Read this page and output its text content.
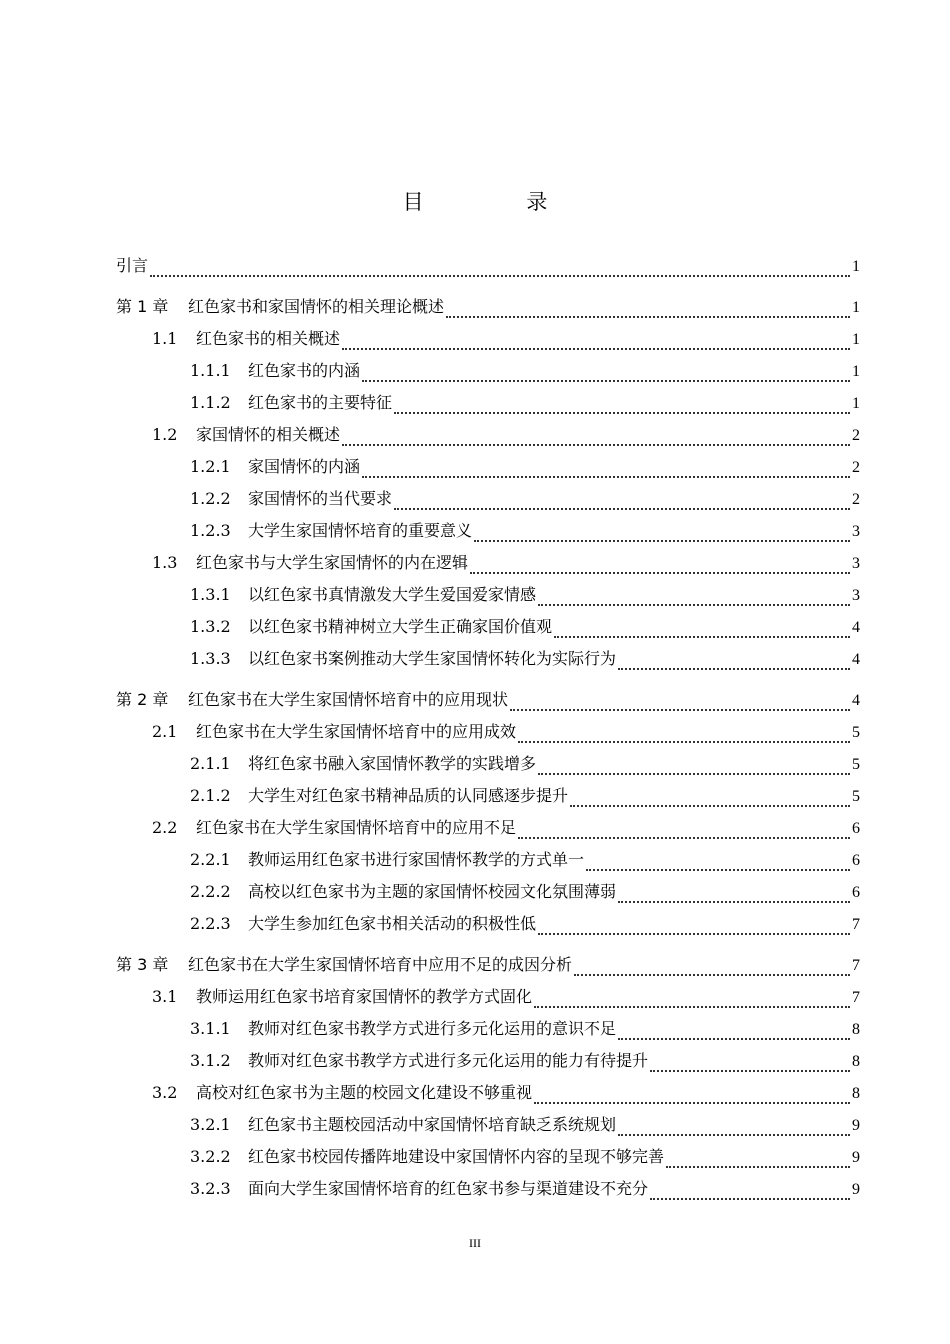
目 录
引言	1
第 1 章	红色家书和家国情怀的相关理论概述	1
1.1	红色家书的相关概述	1
1.1.1	红色家书的内涵	1
1.1.2	红色家书的主要特征	1
1.2	家国情怀的相关概述	2
1.2.1	家国情怀的内涵	2
1.2.2	家国情怀的当代要求	2
1.2.3	大学生家国情怀培育的重要意义	3
1.3	红色家书与大学生家国情怀的内在逻辑	3
1.3.1	以红色家书真情激发大学生爱国爱家情感	3
1.3.2	以红色家书精神树立大学生正确家国价值观	4
1.3.3	以红色家书案例推动大学生家国情怀转化为实际行为	4
第 2 章	红色家书在大学生家国情怀培育中的应用现状	4
2.1	红色家书在大学生家国情怀培育中的应用成效	5
2.1.1	将红色家书融入家国情怀教学的实践增多	5
2.1.2	大学生对红色家书精神品质的认同感逐步提升	5
2.2	红色家书在大学生家国情怀培育中的应用不足	6
2.2.1	教师运用红色家书进行家国情怀教学的方式单一	6
2.2.2	高校以红色家书为主题的家国情怀校园文化氛围薄弱	6
2.2.3	大学生参加红色家书相关活动的积极性低	7
第 3 章	红色家书在大学生家国情怀培育中应用不足的成因分析	7
3.1	教师运用红色家书培育家国情怀的教学方式固化	7
3.1.1	教师对红色家书教学方式进行多元化运用的意识不足	8
3.1.2	教师对红色家书教学方式进行多元化运用的能力有待提升	8
3.2	高校对红色家书为主题的校园文化建设不够重视	8
3.2.1	红色家书主题校园活动中家国情怀培育缺乏系统规划	9
3.2.2	红色家书校园传播阵地建设中家国情怀内容的呈现不够完善	9
3.2.3	面向大学生家国情怀培育的红色家书参与渠道建设不充分	9
III
